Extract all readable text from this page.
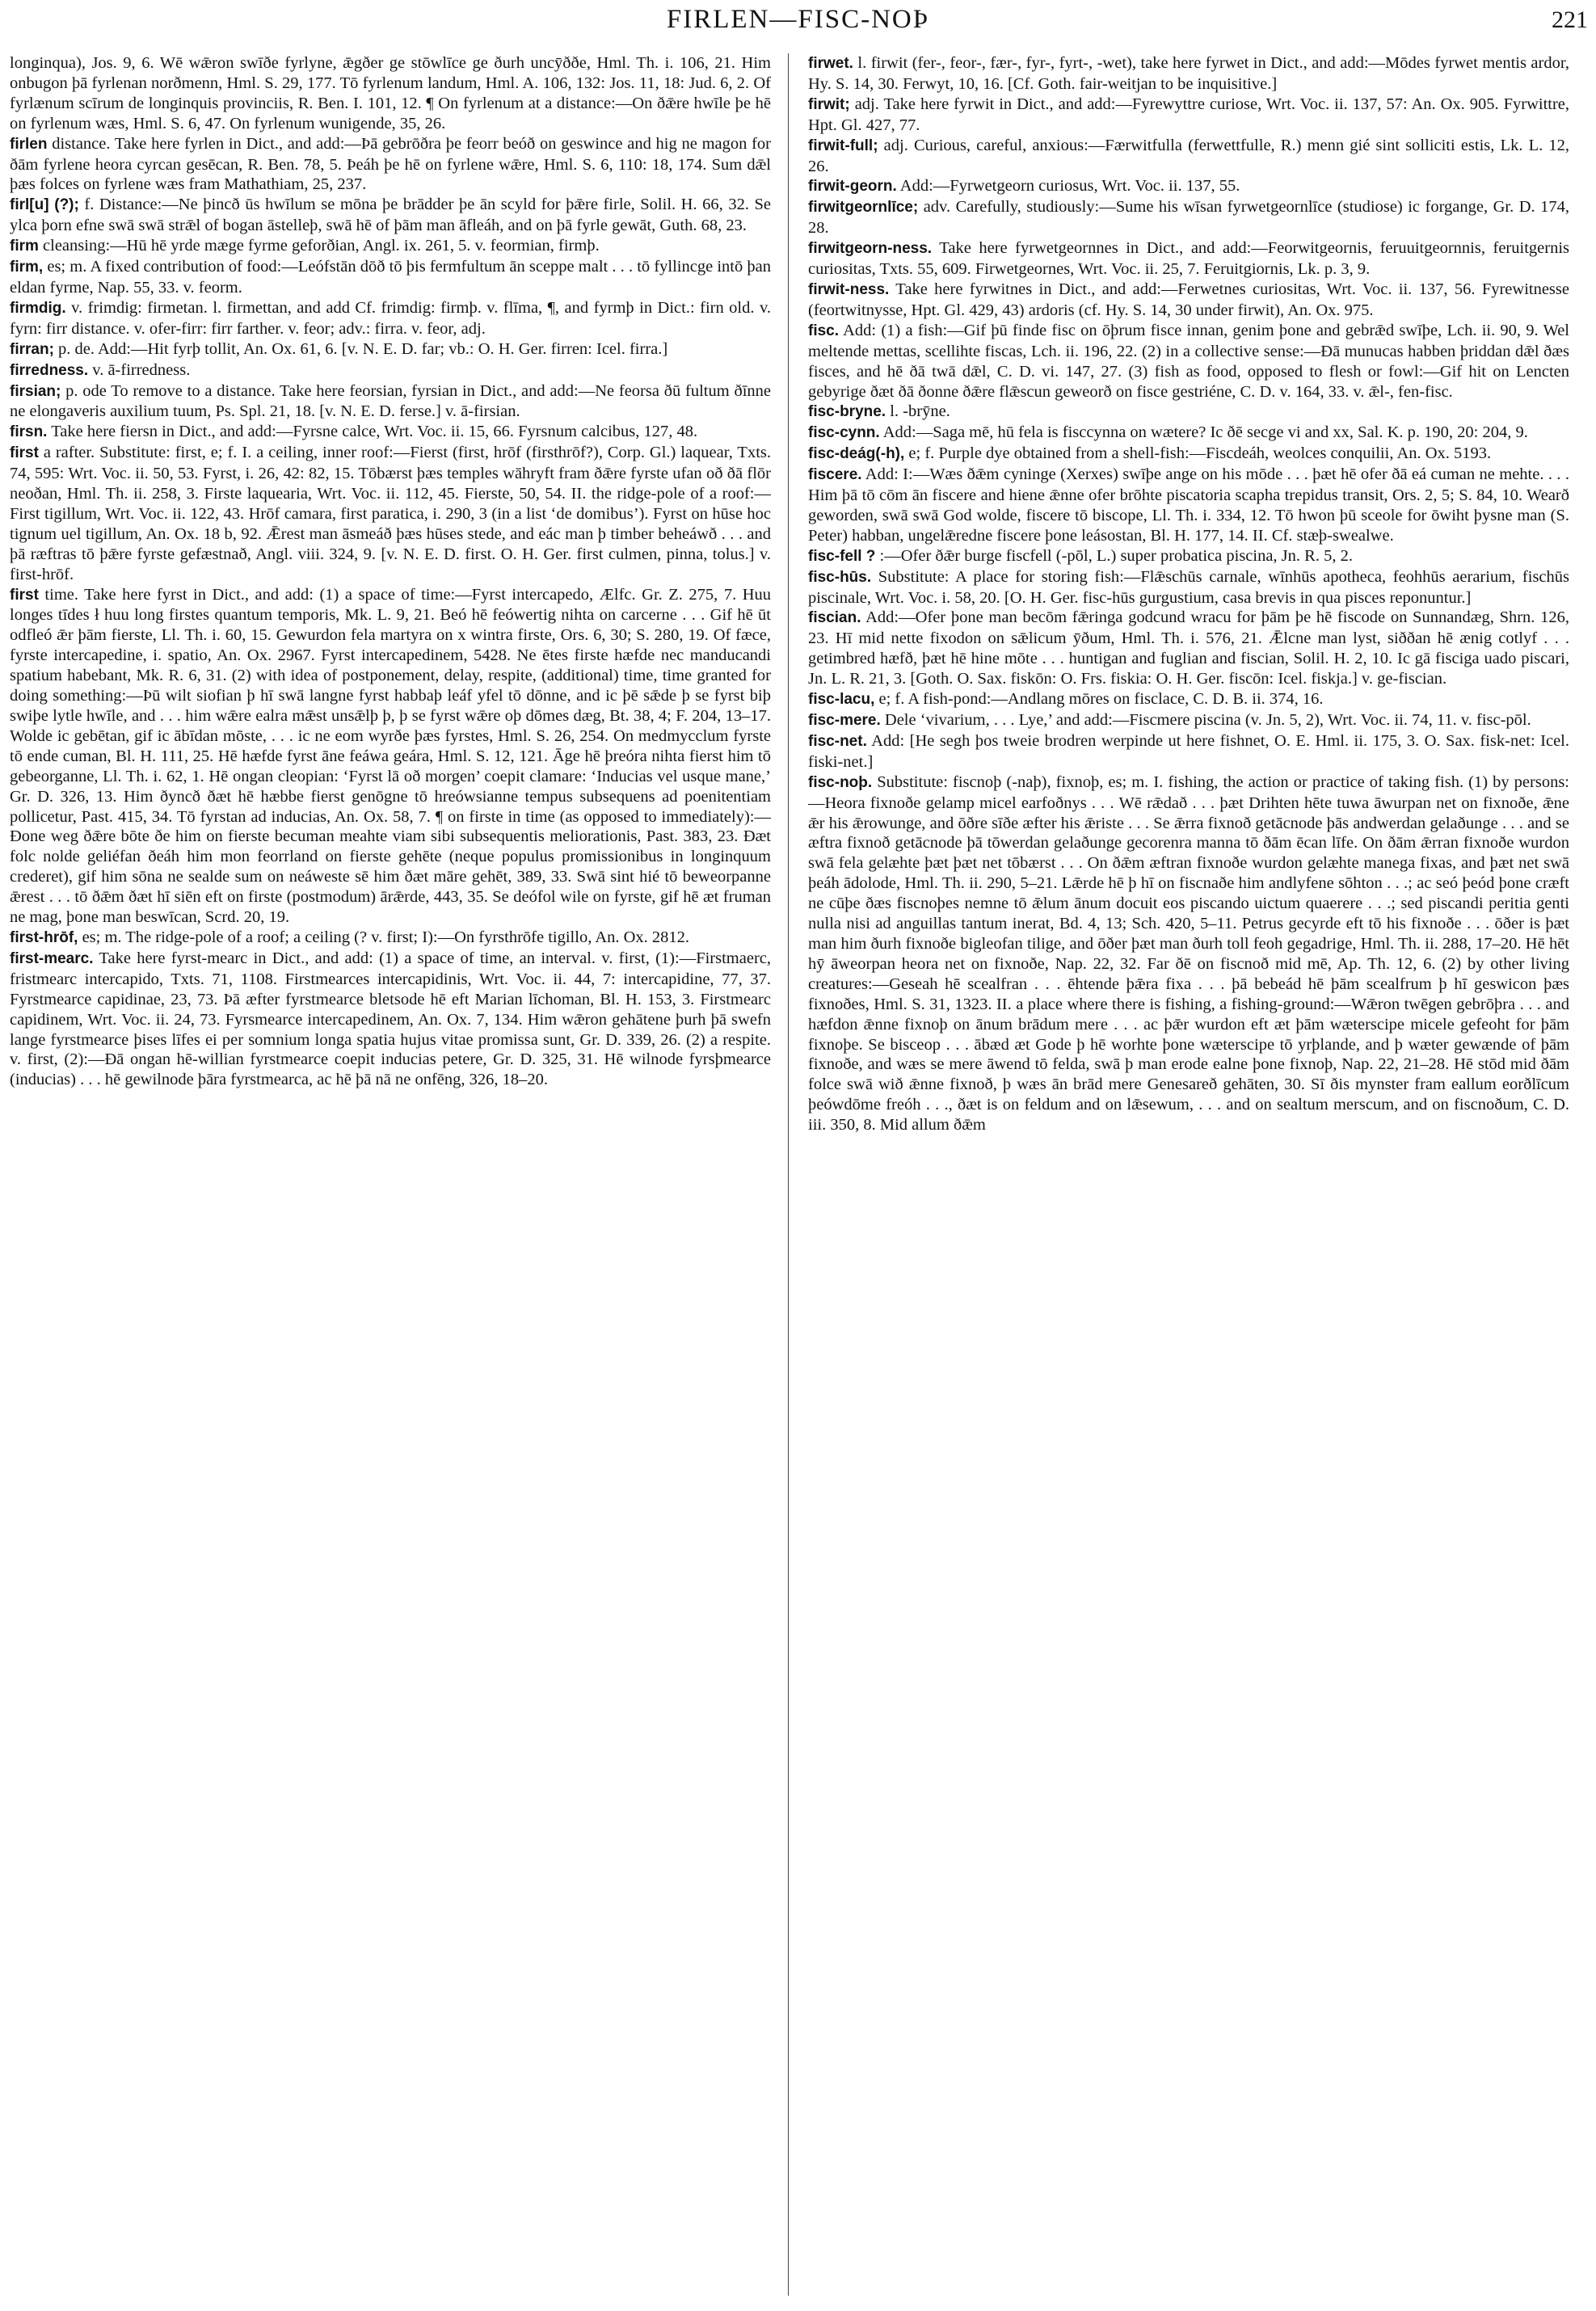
FIRLEN—FISC-NOÞ	221

longinqua), Jos. 9, 6. Wē wǣron swīðe fyrlyne, ǣgðer ge stōwlīce ge ðurh uncȳððe, Hml. Th. i. 106, 21. Him onbugon þā fyrlenan norðmenn, Hml. S. 29, 177. Tō fyrlenum landum, Hml. A. 106, 132: Jos. 11, 18: Jud. 6, 2. Of fyrlænum scīrum de longinquis provinciis, R. Ben. I. 101, 12. ¶ On fyrlenum at a distance:—On ðǣre hwīle þe hē on fyrlenum wæs, Hml. S. 6, 47. On fyrlenum wunigende, 35, 26.

firlen distance. Take here fyrlen in Dict., and add:—Þā gebrōðra þe feorr beóð on geswince and hig ne magon for ðām fyrlene heora cyrcan gesēcan, R. Ben. 78, 5. Þeáh þe hē on fyrlene wǣre, Hml. S. 6, 110: 18, 174. Sum dǣl þæs folces on fyrlene wæs fram Mathathiam, 25, 237.

firl[u] (?); f. Distance:—Ne þincð ūs hwīlum se mōna þe brādder þe ān scyld for þǣre firle, Solil. H. 66, 32. Se ylca þorn efne swā swā strǣl of bogan āstelleþ, swā hē of þām man āfleáh, and on þā fyrle gewāt, Guth. 68, 23.

firm cleansing:—Hū hē yrde mæge fyrme geforðian, Angl. ix. 261, 5. v. feormian, firmþ.

firm, es; m. A fixed contribution of food:—Leófstān dōð tō þis fermfultum ān sceppe malt . . . tō fyllincge intō þan eldan fyrme, Nap. 55, 33. v. feorm.

firmdig. v. frimdig: firmetan. l. firmettan, and add Cf. frimdig: firmþ. v. flīma, ¶, and fyrmþ in Dict.: firn old. v. fyrn: firr distance. v. ofer-firr: firr farther. v. feor; adv.: firra. v. feor, adj.

firran; p. de. Add:—Hit fyrþ tollit, An. Ox. 61, 6. [v. N. E. D. far; vb.: O. H. Ger. firren: Icel. firra.]

firredness. v. ā-firredness.

firsian; p. ode To remove to a distance. Take here feorsian, fyrsian in Dict., and add:—Ne feorsa ðū fultum ðīnne ne elongaveris auxilium tuum, Ps. Spl. 21, 18. [v. N. E. D. ferse.] v. ā-firsian.

firsn. Take here fiersn in Dict., and add:—Fyrsne calce, Wrt. Voc. ii. 15, 66. Fyrsnum calcibus, 127, 48.

first a rafter. Substitute: first, e; f. I. a ceiling, inner roof:—Fierst (first, hrōf (firsthrōf?), Corp. Gl.) laquear, Txts. 74, 595: Wrt. Voc. ii. 50, 53. Fyrst, i. 26, 42: 82, 15. Tōbærst þæs temples wāhryft fram ðǣre fyrste ufan oð ðā flōr neoðan, Hml. Th. ii. 258, 3. Firste laquearia, Wrt. Voc. ii. 112, 45. Fierste, 50, 54. II. the ridge-pole of a roof:—First tigillum, Wrt. Voc. ii. 122, 43. Hrōf camara, first paratica, i. 290, 3 (in a list ‘de domibus’). Fyrst on hūse hoc tignum uel tigillum, An. Ox. 18 b, 92. Ǣrest man āsmeáð þæs hūses stede, and eác man þ timber beheáwð . . . and þā ræftras tō þǣre fyrste gefæstnað, Angl. viii. 324, 9. [v. N. E. D. first. O. H. Ger. first culmen, pinna, tolus.] v. first-hrōf.

first time. Take here fyrst in Dict., and add: (1) a space of time:—Fyrst intercapedo, Ælfc. Gr. Z. 275, 7. Huu longes tīdes ł huu long firstes quantum temporis, Mk. L. 9, 21. Beó hē feówertig nihta on carcerne . . . Gif hē ūt odfleó ǣr þām fierste, Ll. Th. i. 60, 15. Gewurdon fela martyra on x wintra firste, Ors. 6, 30; S. 280, 19. Of fæce, fyrste intercapedine, i. spatio, An. Ox. 2967. Fyrst intercapedinem, 5428. Ne ētes firste hæfde nec manducandi spatium habebant, Mk. R. 6, 31. (2) with idea of postponement, delay, respite, (additional) time, time granted for doing something:—Þū wilt siofian þ hī swā langne fyrst habbaþ leáf yfel tō dōnne, and ic þē sǣde þ se fyrst biþ swiþe lytle hwīle, and . . . him wǣre ealra mǣst unsǣlþ þ, þ se fyrst wǣre oþ dōmes dæg, Bt. 38, 4; F. 204, 13–17. Wolde ic gebētan, gif ic ābīdan mōste, . . . ic ne eom wyrðe þæs fyrstes, Hml. S. 26, 254. On medmycclum fyrste tō ende cuman, Bl. H. 111, 25. Hē hæfde fyrst āne feáwa geára, Hml. S. 12, 121. Āge hē þreóra nihta fierst him tō gebeorganne, Ll. Th. i. 62, 1. Hē ongan cleopian: ‘Fyrst lā oð morgen’ coepit clamare: ‘Inducias vel usque mane,’ Gr. D. 326, 13. Him ðyncð ðæt hē hæbbe fierst genōgne tō hreówsianne tempus subsequens ad poenitentiam pollicetur, Past. 415, 34. Tō fyrstan ad inducias, An. Ox. 58, 7. ¶ on firste in time (as opposed to immediately):—Ðone weg ðǣre bōte ðe him on fierste becuman meahte viam sibi subsequentis meliorationis, Past. 383, 23. Ðæt folc nolde geliéfan ðeáh him mon feorrland on fierste gehēte (neque populus promissionibus in longinquum crederet), gif him sōna ne sealde sum on neáweste sē him ðæt māre gehēt, 389, 33. Swā sint hié tō beweorpanne ǣrest . . . tō ðǣm ðæt hī siēn eft on firste (postmodum) ārǣrde, 443, 35. Se deófol wile on fyrste, gif hē æt fruman ne mag, þone man beswīcan, Scrd. 20, 19.

first-hrōf, es; m. The ridge-pole of a roof; a ceiling (? v. first; I):—On fyrsthrōfe tigillo, An. Ox. 2812.

first-mearc. Take here fyrst-mearc in Dict., and add: (1) a space of time, an interval. v. first, (1):—Firstmaerc, fristmearc intercapido, Txts. 71, 1108. Firstmearces intercapidinis, Wrt. Voc. ii. 44, 7: intercapidine, 77, 37. Fyrstmearce capidinae, 23, 73. Þā æfter fyrstmearce bletsode hē eft Marian līchoman, Bl. H. 153, 3. Firstmearc capidinem, Wrt. Voc. ii. 24, 73. Fyrsmearce intercapedinem, An. Ox. 7, 134. Him wǣron gehātene þurh þā swefn lange fyrstmearce þises līfes ei per somnium longa spatia hujus vitae promissa sunt, Gr. D. 339, 26. (2) a respite. v. first, (2):—Ðā ongan hē-willian fyrstmearce coepit inducias petere, Gr. D. 325, 31. Hē wilnode fyrsþmearce (inducias) . . . hē gewilnode þāra fyrstmearca, ac hē þā nā ne onfēng, 326, 18–20.

firwet. l. firwit (fer-, feor-, fær-, fyr-, fyrt-, -wet), take here fyrwet in Dict., and add:—Mōdes fyrwet mentis ardor, Hy. S. 14, 30. Ferwyt, 10, 16. [Cf. Goth. fair-weitjan to be inquisitive.]

firwit; adj. Take here fyrwit in Dict., and add:—Fyrewyttre curiose, Wrt. Voc. ii. 137, 57: An. Ox. 905. Fyrwittre, Hpt. Gl. 427, 77.

firwit-full; adj. Curious, careful, anxious:—Færwitfulla (ferwettfulle, R.) menn gié sint solliciti estis, Lk. L. 12, 26.

firwit-georn. Add:—Fyrwetgeorn curiosus, Wrt. Voc. ii. 137, 55.

firwitgeornlīce; adv. Carefully, studiously:—Sume his wīsan fyrwetgeornlīce (studiose) ic forgange, Gr. D. 174, 28.

firwitgeorn-ness. Take here fyrwetgeornnes in Dict., and add:—Feorwitgeornis, feruuitgeornnis, feruitgernis curiositas, Txts. 55, 609. Firwetgeornes, Wrt. Voc. ii. 25, 7. Feruitgiornis, Lk. p. 3, 9.

firwit-ness. Take here fyrwitnes in Dict., and add:—Ferwetnes curiositas, Wrt. Voc. ii. 137, 56. Fyrewitnesse (feortwitnysse, Hpt. Gl. 429, 43) ardoris (cf. Hy. S. 14, 30 under firwit), An. Ox. 975.

fisc. Add: (1) a fish:—Gif þū finde fisc on ōþrum fisce innan, genim þone and gebrǣd swīþe, Lch. ii. 90, 9. Wel meltende mettas, scellihte fiscas, Lch. ii. 196, 22. (2) in a collective sense:—Ðā munucas habben þriddan dǣl ðæs fisces, and hē ðā twā dǣl, C. D. vi. 147, 27. (3) fish as food, opposed to flesh or fowl:—Gif hit on Lencten gebyrige ðæt ðā ðonne ðǣre flǣscun geweorð on fisce gestriéne, C. D. v. 164, 33. v. ǣl-, fen-fisc.

fisc-bryne. l. -brȳne.

fisc-cynn. Add:—Saga mē, hū fela is fisccynna on wætere? Ic ðē secge vi and xx, Sal. K. p. 190, 20: 204, 9.

fisc-deág(-h), e; f. Purple dye obtained from a shell-fish:—Fiscdeáh, weolces conquilii, An. Ox. 5193.

fiscere. Add: I:—Wæs ðǣm cyninge (Xerxes) swīþe ange on his mōde . . . þæt hē ofer ðā eá cuman ne mehte. . . . Him þā tō cōm ān fiscere and hiene ǣnne ofer brōhte piscatoria scapha trepidus transit, Ors. 2, 5; S. 84, 10. Wearð geworden, swā swā God wolde, fiscere tō biscope, Ll. Th. i. 334, 12. Tō hwon þū sceole for ōwiht þysne man (S. Peter) habban, ungelǣredne fiscere þone leásostan, Bl. H. 177, 14. II. Cf. stæþ-swealwe.

fisc-fell ? :—Ofer ðǣr burge fiscfell (-pōl, L.) super probatica piscina, Jn. R. 5, 2.

fisc-hūs. Substitute: A place for storing fish:—Flǣschūs carnale, wīnhūs apotheca, feohhūs aerarium, fischūs piscinale, Wrt. Voc. i. 58, 20. [O. H. Ger. fisc-hūs gurgustium, casa brevis in qua pisces reponuntur.]

fiscian. Add:—Ofer þone man becōm fǣringa godcund wracu for þām þe hē fiscode on Sunnandæg, Shrn. 126, 23. Hī mid nette fixodon on sǣlicum ȳðum, Hml. Th. i. 576, 21. Ǣlcne man lyst, siððan hē ænig cotlyf . . . getimbred hæfð, þæt hē hine mōte . . . huntigan and fuglian and fiscian, Solil. H. 2, 10. Ic gā fisciga uado piscari, Jn. L. R. 21, 3. [Goth. O. Sax. fiskōn: O. Frs. fiskia: O. H. Ger. fiscōn: Icel. fiskja.] v. ge-fiscian.

fisc-lacu, e; f. A fish-pond:—Andlang mōres on fisclace, C. D. B. ii. 374, 16.

fisc-mere. Dele ‘vivarium, . . . Lye,’ and add:—Fiscmere piscina (v. Jn. 5, 2), Wrt. Voc. ii. 74, 11. v. fisc-pōl.

fisc-net. Add: [He segh þos tweie brodren werpinde ut here fishnet, O. E. Hml. ii. 175, 3. O. Sax. fisk-net: Icel. fiski-net.]

fisc-noþ. Substitute: fiscnoþ (-naþ), fixnoþ, es; m. I. fishing, the action or practice of taking fish. (1) by persons:—Heora fixnoðe gelamp micel earfoðnys . . . Wē rǣdað . . . þæt Drihten hēte tuwa āwurpan net on fixnoðe, ǣne ǣr his ǣrowunge, and ōðre sīðe æfter his ǣriste . . . Se ǣrra fixnoð getācnode þās andwerdan gelaðunge . . . and se æftra fixnoð getācnode þā tōwerdan gelaðunge gecorenra manna tō ðām ēcan līfe. On ðām ǣrran fixnoðe wurdon swā fela gelæhte þæt þæt net tōbærst . . . On ðǣm æftran fixnoðe wurdon gelæhte manega fixas, and þæt net swā þeáh ādolode, Hml. Th. ii. 290, 5–21. Lǣrde hē þ hī on fiscnaðe him andlyfene sōhton . . .; ac seó þeód þone cræft ne cūþe ðæs fiscnoþes nemne tō ǣlum ānum docuit eos piscando uictum quaerere . . .; sed piscandi peritia genti nulla nisi ad anguillas tantum inerat, Bd. 4, 13; Sch. 420, 5–11. Petrus gecyrde eft tō his fixnoðe . . . ōðer is þæt man him ðurh fixnoðe bigleofan tilige, and ōðer þæt man ðurh toll feoh gegadrige, Hml. Th. ii. 288, 17–20. Hē hēt hȳ āweorpan heora net on fixnoðe, Nap. 22, 32. Far ðē on fiscnoð mid mē, Ap. Th. 12, 6. (2) by other living creatures:—Geseah hē scealfran . . . ēhtende þǣra fixa . . . þā bebeád hē þām scealfrum þ hī geswicon þæs fixnoðes, Hml. S. 31, 1323. II. a place where there is fishing, a fishing-ground:—Wǣron twēgen gebrōþra . . . and hæfdon ǣnne fixnoþ on ānum brādum mere . . . ac þǣr wurdon eft æt þām wæterscipe micele gefeoht for þām fixnoþe. Se bisceop . . . ābæd æt Gode þ hē worhte þone wæterscipe tō yrþlande, and þ wæter gewænde of þām fixnoðe, and wæs se mere āwend tō felda, swā þ man erode ealne þone fixnoþ, Nap. 22, 21–28. Hē stōd mid ðām folce swā wið ǣnne fixnoð, þ wæs ān brād mere Genesareð gehāten, 30. Sī ðis mynster fram eallum eorðlīcum þeówdōme freóh . . ., ðæt is on feldum and on lǣsewum, . . . and on sealtum merscum, and on fiscnoðum, C. D. iii. 350, 8. Mid allum ðǣm
